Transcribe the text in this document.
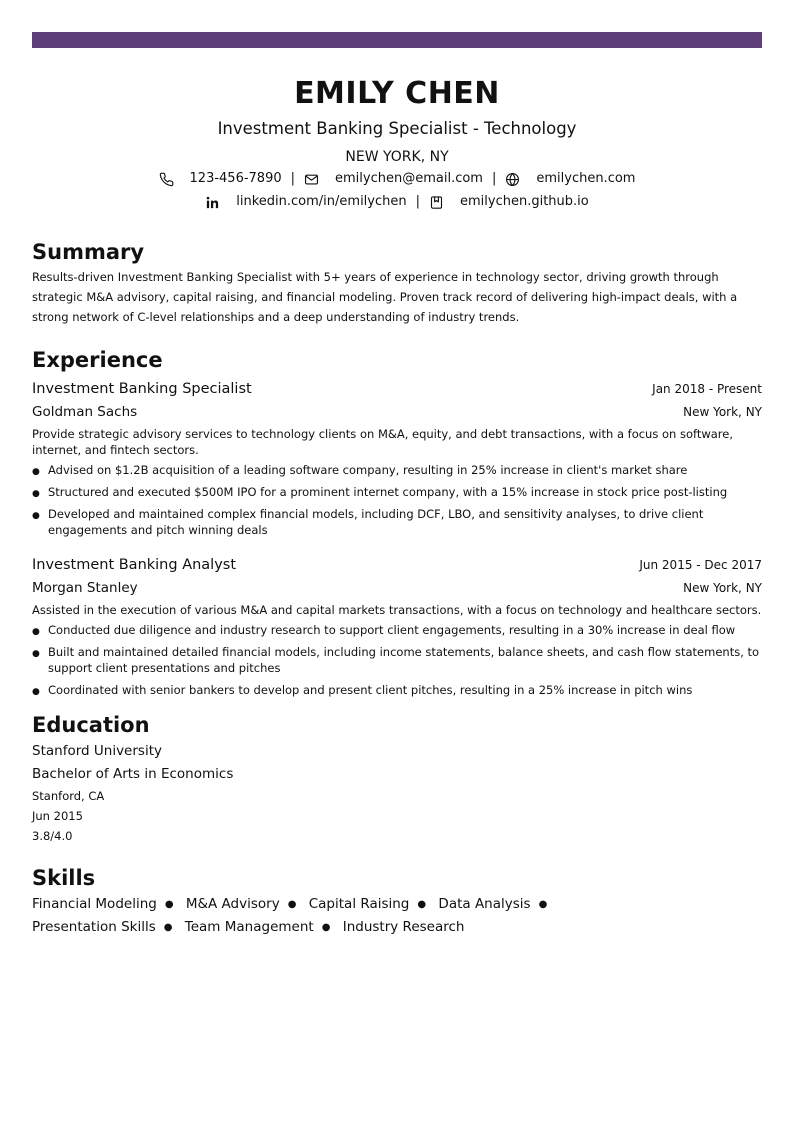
EMILY CHEN
Investment Banking Specialist - Technology
NEW YORK, NY
123-456-7890 |	emilychen@email.com |	emilychen.com
linkedin.com/in/emilychen |	emilychen.github.io
Summary
Results-driven Investment Banking Specialist with 5+ years of experience in technology sector, driving growth through strategic M&A advisory, capital raising, and financial modeling. Proven track record of delivering high-impact deals, with a strong network of C-level relationships and a deep understanding of industry trends.
Experience
Investment Banking Specialist	Jan 2018 - Present
Goldman Sachs	New York, NY
Provide strategic advisory services to technology clients on M&A, equity, and debt transactions, with a focus on software, internet, and fintech sectors.
● Advised on $1.2B acquisition of a leading software company, resulting in 25% increase in client's market share
● Structured and executed $500M IPO for a prominent internet company, with a 15% increase in stock price post-listing
● Developed and maintained complex financial models, including DCF, LBO, and sensitivity analyses, to drive client engagements and pitch winning deals
Investment Banking Analyst	Jun 2015 - Dec 2017
Morgan Stanley	New York, NY
Assisted in the execution of various M&A and capital markets transactions, with a focus on technology and healthcare sectors.
● Conducted due diligence and industry research to support client engagements, resulting in a 30% increase in deal flow
● Built and maintained detailed financial models, including income statements, balance sheets, and cash flow statements, to support client presentations and pitches
● Coordinated with senior bankers to develop and present client pitches, resulting in a 25% increase in pitch wins
Education
Stanford University
Bachelor of Arts in Economics
Stanford, CA
Jun 2015
3.8/4.0
Skills
Financial Modeling ● M&A Advisory ● Capital Raising ● Data Analysis ● Presentation Skills ● Team Management ● Industry Research
